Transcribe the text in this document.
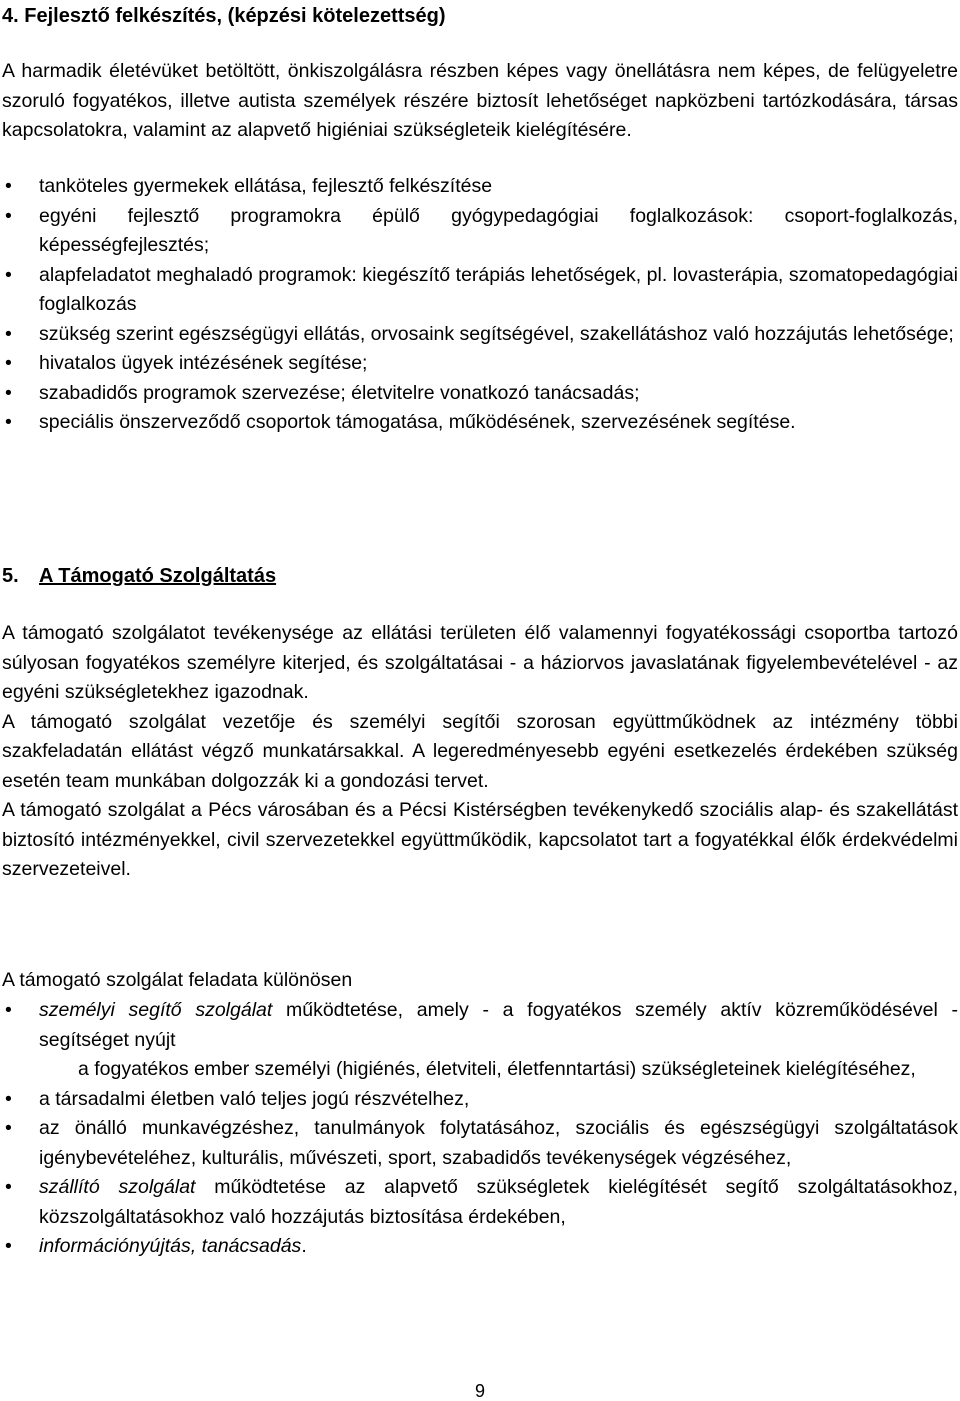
4. Fejlesztő felkészítés, (képzési kötelezettség)

A harmadik életévüket betöltött, önkiszolgálásra részben képes vagy önellátásra nem képes, de felügyeletre szoruló fogyatékos, illetve autista személyek részére biztosít lehetőséget napközbeni tartózkodására, társas kapcsolatokra, valamint az alapvető higiéniai szükségleteik kielégítésére.

• tanköteles gyermekek ellátása, fejlesztő felkészítése
• egyéni fejlesztő programokra épülő gyógypedagógiai foglalkozások: csoport-foglalkozás, képességfejlesztés;
• alapfeladatot meghaladó programok: kiegészítő terápiás lehetőségek, pl. lovasterápia, szomatopedagógiai foglalkozás
• szükség szerint egészségügyi ellátás, orvosaink segítségével, szakellátáshoz való hozzájutás lehetősége;
• hivatalos ügyek intézésének segítése;
• szabadidős programok szervezése; életvitelre vonatkozó tanácsadás;
• speciális önszerveződő csoportok támogatása, működésének, szervezésének segítése.
5. A Támogató Szolgáltatás
A támogató szolgálatot tevékenysége az ellátási területen élő valamennyi fogyatékossági csoportba tartozó súlyosan fogyatékos személyre kiterjed, és szolgáltatásai - a háziorvos javaslatának figyelembevételével - az egyéni szükségletekhez igazodnak.
A támogató szolgálat vezetője és személyi segítői szorosan együttműködnek az intézmény többi szakfeladatán ellátást végző munkatársakkal. A legeredményesebb egyéni esetkezelés érdekében szükség esetén team munkában dolgozzák ki a gondozási tervet.
A támogató szolgálat a Pécs városában és a Pécsi Kistérségben tevékenykedő szociális alap- és szakellátást biztosító intézményekkel, civil szervezetekkel együttműködik, kapcsolatot tart a fogyatékkal élők érdekvédelmi szervezeteivel.

A támogató szolgálat feladata különösen

• személyi segítő szolgálat működtetése, amely - a fogyatékos személy aktív közreműködésével - segítséget nyújt
a fogyatékos ember személyi (higiénés, életviteli, életfenntartási) szükségleteinek kielégítéséhez,
• a társadalmi életben való teljes jogú részvételhez,
• az önálló munkavégzéshez, tanulmányok folytatásához, szociális és egészségügyi szolgáltatások igénybevételéhez, kulturális, művészeti, sport, szabadidős tevékenységek végzéséhez,
• szállító szolgálat működtetése az alapvető szükségletek kielégítését segítő szolgáltatásokhoz, közszolgáltatásokhoz való hozzájutás biztosítása érdekében,
• információnyújtás, tanácsadás.
9
